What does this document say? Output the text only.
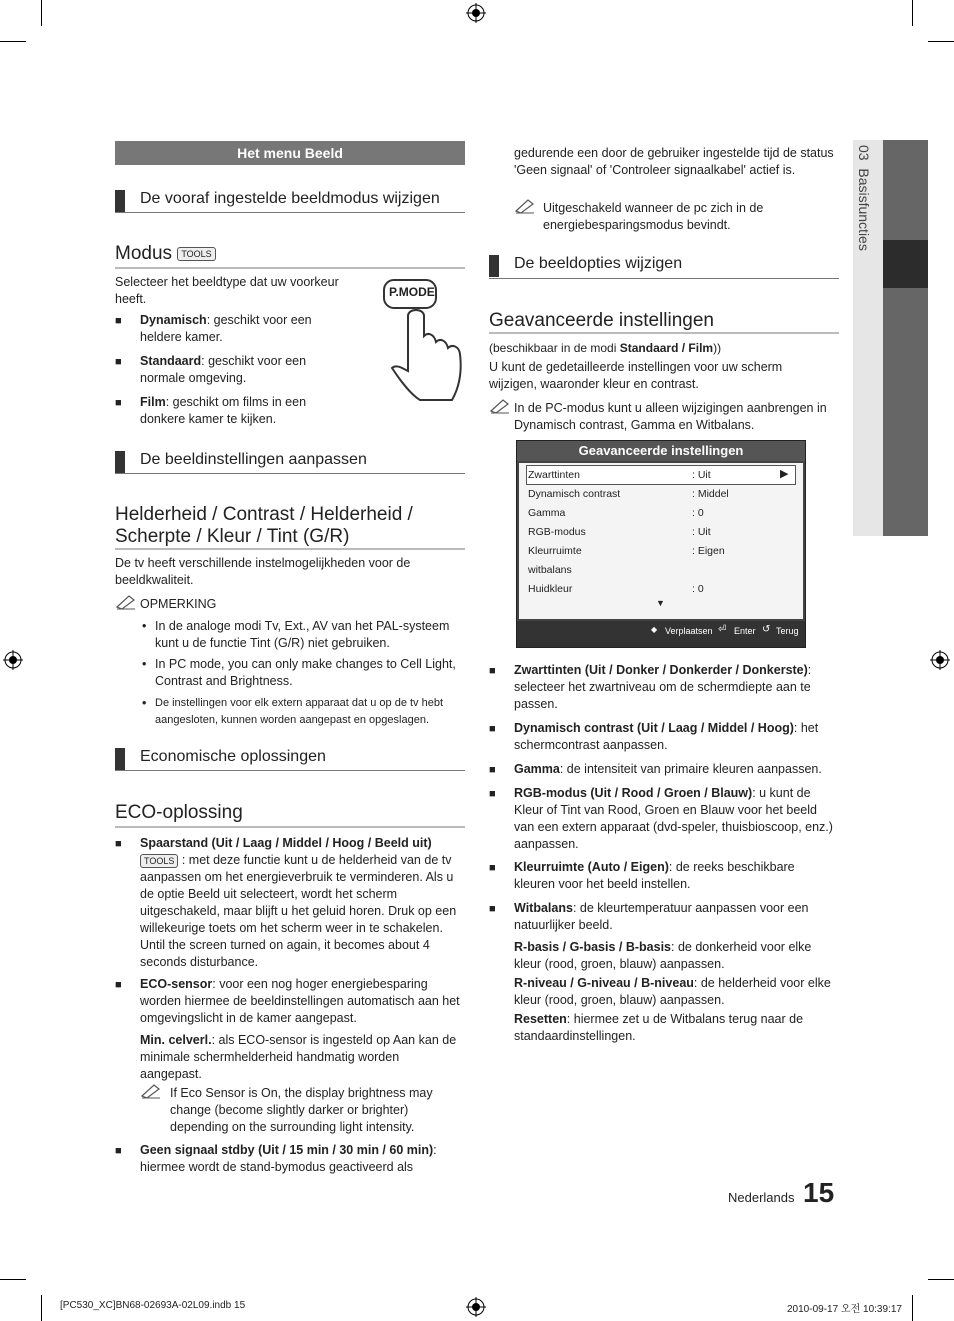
Het menu Beeld
De vooraf ingestelde beeldmodus wijzigen
Modus TOOLS

Selecteer het beeldtype dat uw voorkeur heeft.

■ Dynamisch: geschikt voor een heldere kamer.

■ Standaard: geschikt voor een normale omgeving.

■ Film: geschikt om films in een donkere kamer te kijken.

P.MODE
De beeldinstellingen aanpassen
Helderheid / Contrast / Helderheid /
Scherpte / Kleur / Tint (G/R)

De tv heeft verschillende instelmogelijkheden voor de beeldkwaliteit.

OPMERKING
• In de analoge modi Tv, Ext., AV van het PAL-systeem kunt u de functie Tint (G/R) niet gebruiken.

• In PC mode, you can only make changes to Cell Light, Contrast and Brightness.

• De instellingen voor elk extern apparaat dat u op de tv hebt aangesloten, kunnen worden aangepast en opgeslagen.

Economische oplossingen
ECO-oplossing
■ Spaarstand (Uit / Laag / Middel / Hoog / Beeld uit) TOOLS : met deze functie kunt u de helderheid van de tv aanpassen om het energieverbruik te verminderen. Als u de optie Beeld uit selecteert, wordt het scherm uitgeschakeld, maar blijft u het geluid horen. Druk op een willekeurige toets om het scherm weer in te schakelen. Until the screen turned on again, it becomes about 4 seconds disturbance.

■ ECO-sensor: voor een nog hoger energiebesparing worden hiermee de beeldinstellingen automatisch aan het omgevingslicht in de kamer aangepast.

Min. celverl.: als ECO-sensor is ingesteld op Aan kan de minimale schermhelderheid handmatig worden aangepast.

If Eco Sensor is On, the display brightness may change (become slightly darker or brighter) depending on the surrounding light intensity.

■ Geen signaal stdby (Uit / 15 min / 30 min / 60 min): hiermee wordt de stand-bymodus geactiveerd als

gedurende een door de gebruiker ingestelde tijd de status 'Geen signaal' of 'Controleer signaalkabel' actief is.

Uitgeschakeld wanneer de pc zich in de energiebesparingsmodus bevindt.

De beeldopties wijzigen
Geavanceerde instellingen

(beschikbaar in de modi Standaard / Film))

U kunt de gedetailleerde instellingen voor uw scherm wijzigen, waaronder kleur en contrast.

In de PC-modus kunt u alleen wijzigingen aanbrengen in Dynamisch contrast, Gamma en Witbalans.

Geavanceerde instellingen
Zwarttinten	: Uit	▶
Dynamisch contrast	: Middel
Gamma	: 0
RGB-modus	: Uit
Kleurruimte	: Eigen
witbalans
Huidkleur	: 0
▼
◆ Verplaatsen ⏎ Enter ↺ Terug
■ Zwarttinten (Uit / Donker / Donkerder / Donkerste): selecteer het zwartniveau om de schermdiepte aan te passen.

■ Dynamisch contrast (Uit / Laag / Middel / Hoog): het schermcontrast aanpassen.

■ Gamma: de intensiteit van primaire kleuren aanpassen.

■ RGB-modus (Uit / Rood / Groen / Blauw): u kunt de Kleur of Tint van Rood, Groen en Blauw voor het beeld van een extern apparaat (dvd-speler, thuisbioscoop, enz.) aanpassen.

■ Kleurruimte (Auto / Eigen): de reeks beschikbare kleuren voor het beeld instellen.

■ Witbalans: de kleurtemperatuur aanpassen voor een natuurlijker beeld.

R-basis / G-basis / B-basis: de donkerheid voor elke kleur (rood, groen, blauw) aanpassen.

R-niveau / G-niveau / B-niveau: de helderheid voor elke kleur (rood, groen, blauw) aanpassen.

Resetten: hiermee zet u de Witbalans terug naar de standaardinstellingen.

03  Basisfuncties
Nederlands 15
[PC530_XC]BN68-02693A-02L09.indb 15	2010-09-17 오전 10:39:17
